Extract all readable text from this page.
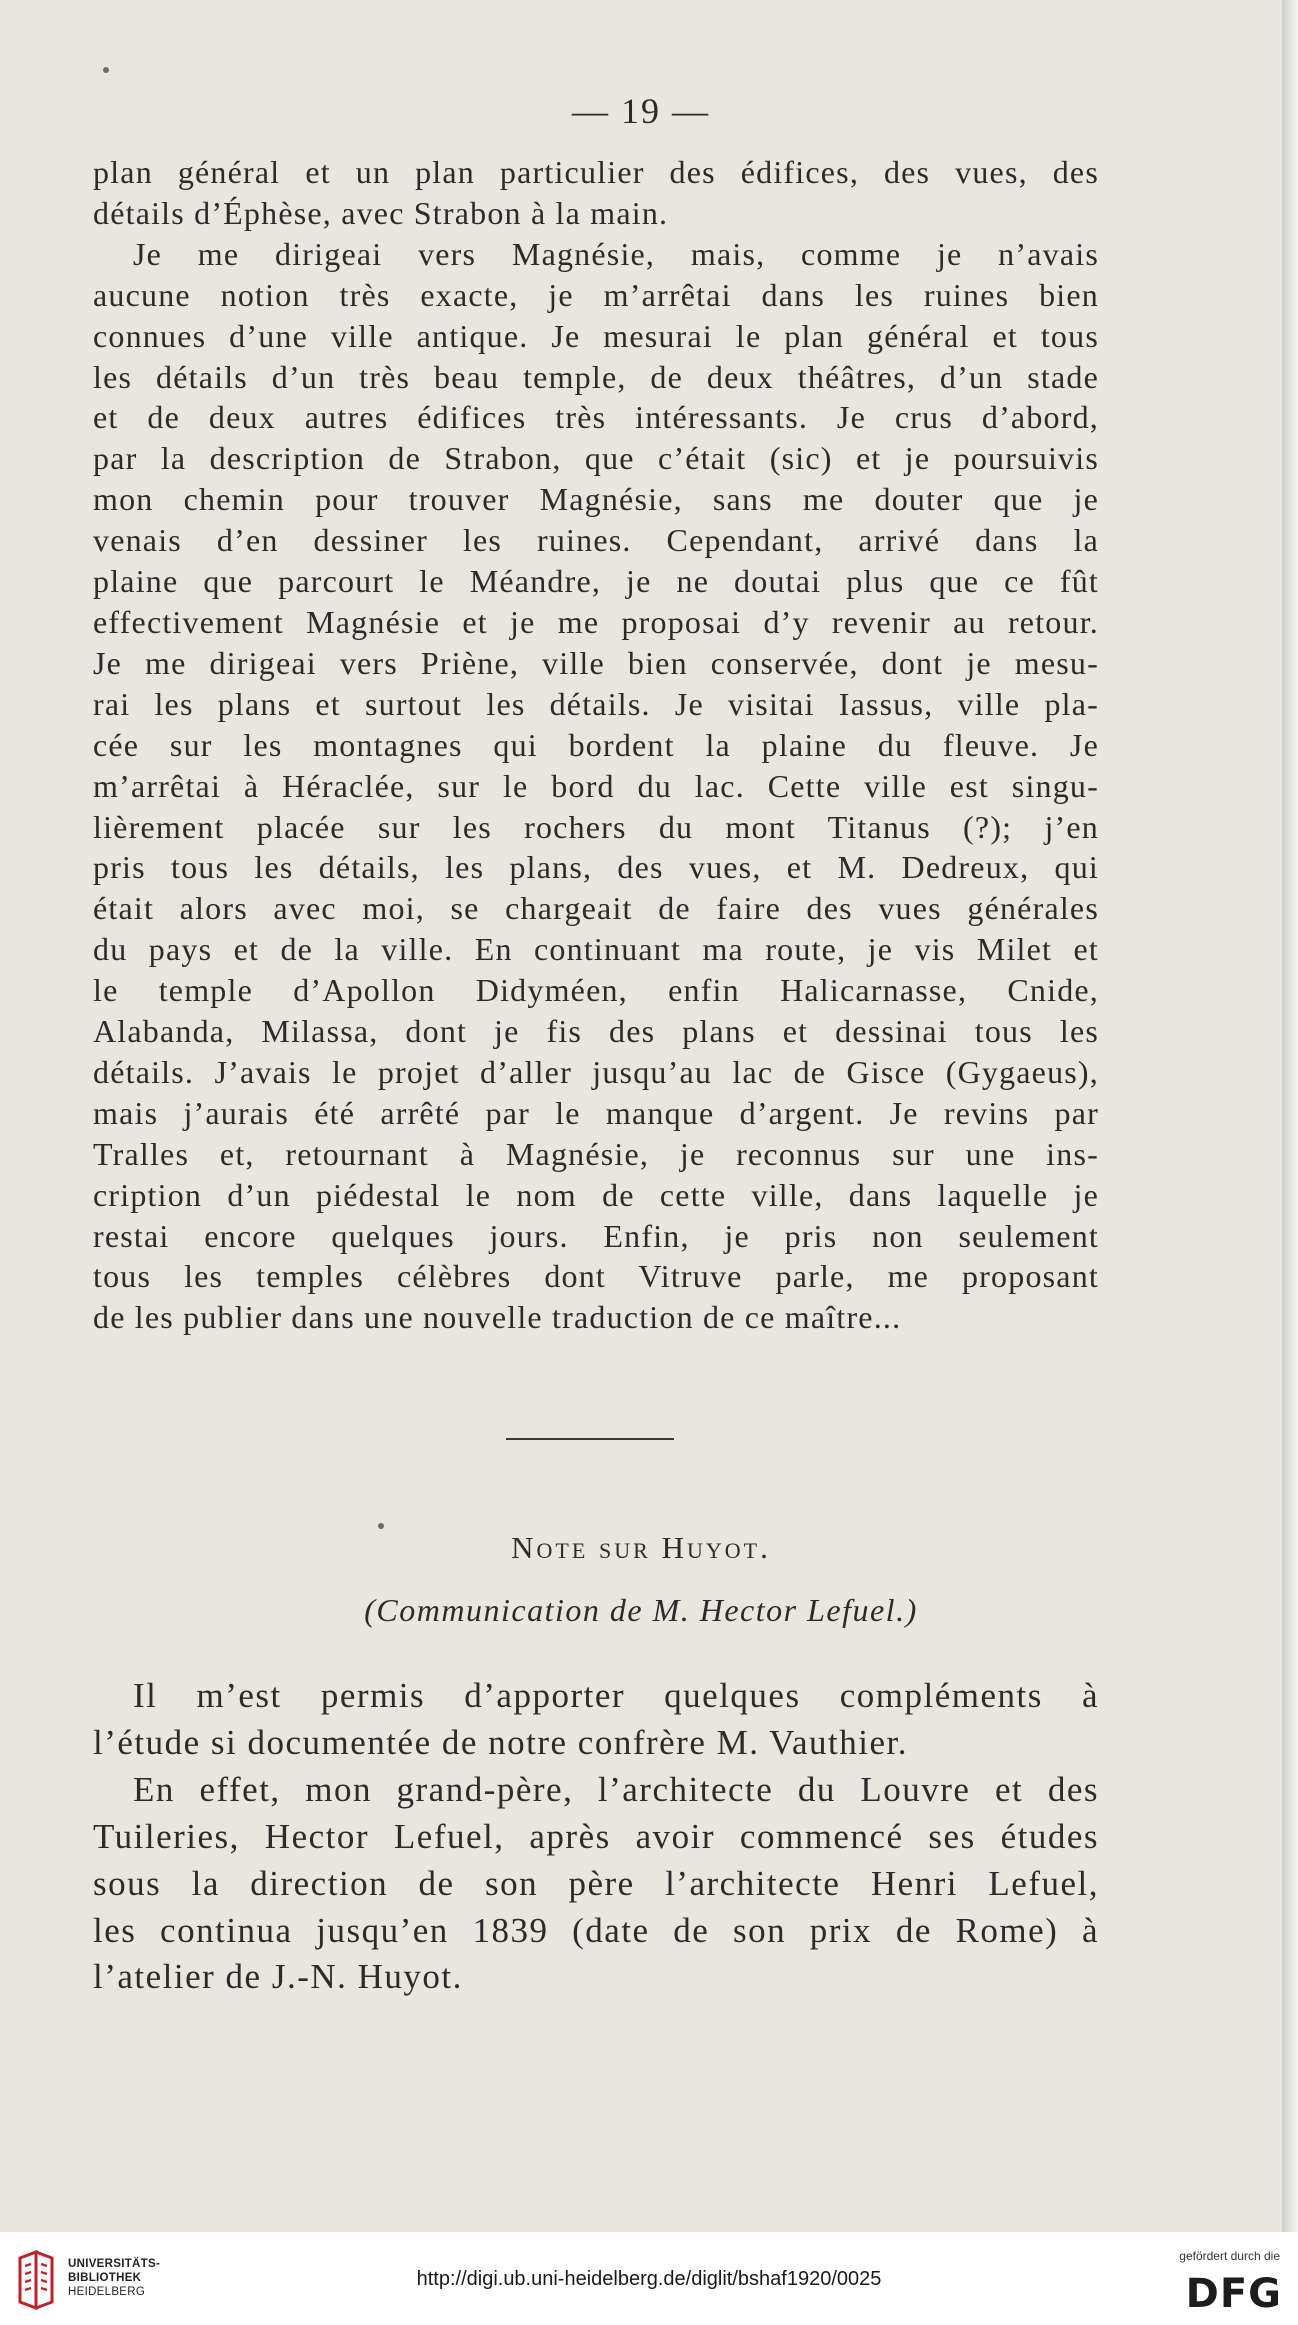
— 19 —
plan général et un plan particulier des édifices, des vues, des
détails d’Éphèse, avec Strabon à la main.
Je me dirigeai vers Magnésie, mais, comme je n’avais
aucune notion très exacte, je m’arrêtai dans les ruines bien
connues d’une ville antique. Je mesurai le plan général et tous
les détails d’un très beau temple, de deux théâtres, d’un stade
et de deux autres édifices très intéressants. Je crus d’abord,
par la description de Strabon, que c’était (sic) et je poursuivis
mon chemin pour trouver Magnésie, sans me douter que je
venais d’en dessiner les ruines. Cependant, arrivé dans la
plaine que parcourt le Méandre, je ne doutai plus que ce fût
effectivement Magnésie et je me proposai d’y revenir au retour.
Je me dirigeai vers Priène, ville bien conservée, dont je mesu-
rai les plans et surtout les détails. Je visitai Iassus, ville pla-
cée sur les montagnes qui bordent la plaine du fleuve. Je
m’arrêtai à Héraclée, sur le bord du lac. Cette ville est singu-
lièrement placée sur les rochers du mont Titanus (?); j’en
pris tous les détails, les plans, des vues, et M. Dedreux, qui
était alors avec moi, se chargeait de faire des vues générales
du pays et de la ville. En continuant ma route, je vis Milet et
le temple d’Apollon Didyméen, enfin Halicarnasse, Cnide,
Alabanda, Milassa, dont je fis des plans et dessinai tous les
détails. J’avais le projet d’aller jusqu’au lac de Gisce (Gygaeus),
mais j’aurais été arrêté par le manque d’argent. Je revins par
Tralles et, retournant à Magnésie, je reconnus sur une ins-
cription d’un piédestal le nom de cette ville, dans laquelle je
restai encore quelques jours. Enfin, je pris non seulement
tous les temples célèbres dont Vitruve parle, me proposant
de les publier dans une nouvelle traduction de ce maître...
Note sur Huyot.
(Communication de M. Hector Lefuel.)
Il m’est permis d’apporter quelques compléments à
l’étude si documentée de notre confrère M. Vauthier.
En effet, mon grand-père, l’architecte du Louvre et des
Tuileries, Hector Lefuel, après avoir commencé ses études
sous la direction de son père l’architecte Henri Lefuel,
les continua jusqu’en 1839 (date de son prix de Rome) à
l’atelier de J.-N. Huyot.
UNIVERSITÄTS-
BIBLIOTHEK
HEIDELBERG
http://digi.ub.uni-heidelberg.de/diglit/bshaf1920/0025
gefördert durch die
DFG
